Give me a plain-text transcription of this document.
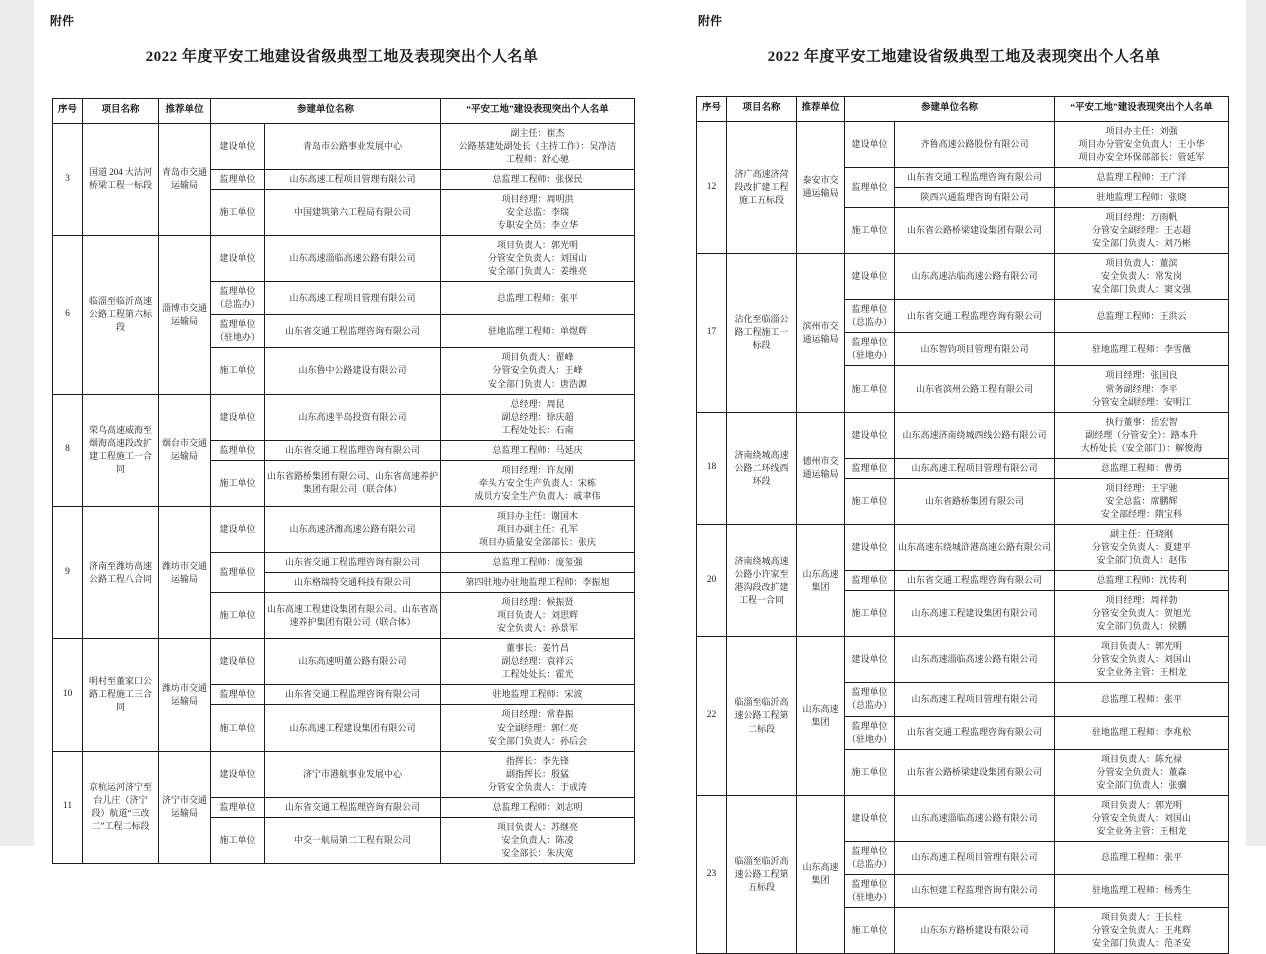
附件
2022 年度平安工地建设省级典型工地及表现突出个人名单
序号	项目名称	推荐单位	参建单位名称		“平安工地”建设表现突出个人名单
3	国道 204 大沽河桥梁工程一标段	青岛市交通运输局	建设单位	青岛市公路事业发展中心	副主任：崔杰
公路基建处副处长（主持工作）：吴净洁
工程师：舒心驰

			监理单位	山东高速工程项目管理有限公司	总监理工程师：张保民

			施工单位	中国建筑第六工程局有限公司	项目经理：周明洪
安全总监：李瑞
专职安全员：李立华

6	临淄至临沂高速公路工程第六标段	淄博市交通运输局	建设单位	山东高速淄临高速公路有限公司	项目负责人：郭光明
分管安全负责人：刘国山
安全部门负责人：姜维亮

			监理单位（总监办）	山东高速工程项目管理有限公司	总监理工程师：张平

			监理单位（驻地办）	山东省交通工程监理咨询有限公司	驻地监理工程师：单煜辉

			施工单位	山东鲁中公路建设有限公司	项目负责人：翟峰
分管安全负责人：王峰
安全部门负责人：唐浩源

8	荣乌高速威海至烟海高速段改扩建工程施工一合同	烟台市交通运输局	建设单位	山东高速半岛投资有限公司	总经理：周昆
副总经理：徐庆超
工程处处长：石南

			监理单位	山东省交通工程监理咨询有限公司	总监理工程师：马延庆

			施工单位	山东省路桥集团有限公司、山东省高速养护集团有限公司（联合体）	项目经理：许友刚
牵头方安全生产负责人：宋栋
成员方安全生产负责人：戚聿伟

9	济南至潍坊高速公路工程八合同	潍坊市交通运输局	建设单位	山东高速济潍高速公路有限公司	项目办主任：谢国木
项目办副主任：孔军
项目办质量安全部部长：张庆

			监理单位	山东省交通工程监理咨询有限公司	总监理工程师：庞玺强

				山东格瑞特交通科技有限公司	第四驻地办驻地监理工程师：李振旭

			施工单位	山东高速工程建设集团有限公司、山东省高速养护集团有限公司（联合体）	项目经理：候振贤
项目负责人：刘思辉
安全负责人：孙景军

10	明村至董家口公路工程施工三合同	潍坊市交通运输局	建设单位	山东高速明董公路有限公司	董事长：姜竹昌
副总经理：袁祥云
工程处处长：霍光

			监理单位	山东省交通工程监理咨询有限公司	驻地监理工程师：宋波

			施工单位	山东高速工程建设集团有限公司	项目经理：常春振
安全副经理：郭仁亮
安全部门负责人：孙后会

11	京杭运河济宁至台儿庄（济宁段）航道“三改二”工程二标段	济宁市交通运输局	建设单位	济宁市港航事业发展中心	指挥长：李先锋
副指挥长：殷猛
分管安全负责人：于成涛

			监理单位	山东省交通工程监理咨询有限公司	总监理工程师：刘志明

			施工单位	中交一航局第二工程有限公司	项目负责人：苏继亮
安全负责人：陈凌
安全部长：朱庆宽
附件
2022 年度平安工地建设省级典型工地及表现突出个人名单
序号	项目名称	推荐单位	参建单位名称		“平安工地”建设表现突出个人名单
12	济广高速济菏段改扩建工程施工五标段	泰安市交通运输局	建设单位	齐鲁高速公路股份有限公司	项目办主任：刘强
项目办分管安全负责人：王小华
项目办安全环保部部长：管延军

			监理单位	山东省交通工程监理咨询有限公司	总监理工程师：王广洋

				陕西兴通监理咨询有限公司	驻地监理工程师：张晓

			施工单位	山东省公路桥梁建设集团有限公司	项目经理：万雨帆
分管安全副经理：王志超
安全部门负责人：刘乃彬

17	沾化至临淄公路工程施工一标段	滨州市交通运输局	建设单位	山东高速沾临高速公路有限公司	项目负责人：董滨
安全负责人：常发岗
安全部门负责人：窦文强

			监理单位（总监办）	山东省交通工程监理咨询有限公司	总监理工程师：王洪云

			监理单位（驻地办）	山东智钧项目管理有限公司	驻地监理工程师：李雪薇

			施工单位	山东省滨州公路工程有限公司	项目经理：张国良
常务副经理：李平
分管安全副经理：安明江

18	济南绕城高速公路二环线西环段	德州市交通运输局	建设单位	山东高速济南绕城西线公路有限公司	执行董事：岳宏智
副经理（分管安全）：路本升
大桥处长（安全部门）：解俊海

			监理单位	山东高速工程项目管理有限公司	总监理工程师：曹勇

			施工单位	山东省路桥集团有限公司	项目经理：王宇驰
安全总监：席鹏辉
安全部经理：隋宝科

20	济南绕城高速公路小许家至港沟段改扩建工程一合同	山东高速集团	建设单位	山东高速东绕城浒港高速公路有限公司	副主任：任晓刚
分管安全负责人：夏建平
安全部门负责人：赵伟

			监理单位	山东省交通工程监理咨询有限公司	总监理工程师：沈传利

			施工单位	山东高速工程建设集团有限公司	项目经理：周祥勃
分管安全负责人：贺旭光
安全部门负责人：侯鹏

22	临淄至临沂高速公路工程第二标段	山东高速集团	建设单位	山东高速淄临高速公路有限公司	项目负责人：郭光明
分管安全负责人：刘国山
安全业务主管：王相龙

			监理单位（总监办）	山东高速工程项目管理有限公司	总监理工程师：张平

			监理单位（驻地办）	山东省交通工程监理咨询有限公司	驻地监理工程师：李兆松

			施工单位	山东省公路桥梁建设集团有限公司	项目负责人：陈允禄
分管安全负责人：董森
安全部门负责人：张骥

23	临淄至临沂高速公路工程第五标段	山东高速集团	建设单位	山东高速淄临高速公路有限公司	项目负责人：郭光明
分管安全负责人：刘国山
安全业务主管：王相龙

			监理单位（总监办）	山东高速工程项目管理有限公司	总监理工程师：张平

			监理单位（驻地办）	山东恒建工程监理咨询有限公司	驻地监理工程师：杨秀生

			施工单位	山东东方路桥建设有限公司	项目负责人：王长柱
分管安全负责人：王兆辉
安全部门负责人：范圣安
